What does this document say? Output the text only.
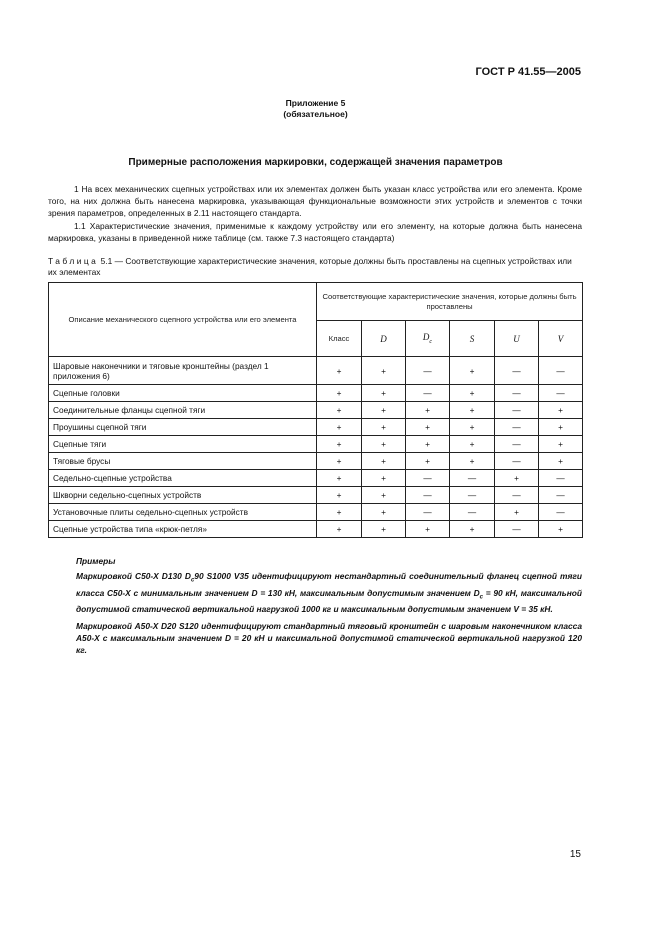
ГОСТ Р 41.55—2005
Приложение 5
(обязательное)
Примерные расположения маркировки, содержащей значения параметров
1 На всех механических сцепных устройствах или их элементах должен быть указан класс устройства или его элемента. Кроме того, на них должна быть нанесена маркировка, указывающая функциональные возможности этих устройств и элементов с точки зрения параметров, определенных в 2.11 настоящего стандарта.
1.1 Характеристические значения, применимые к каждому устройству или его элементу, на которые должна быть нанесена маркировка, указаны в приведенной ниже таблице (см. также 7.3 настоящего стандарта)
Таблица 5.1 — Соответствующие характеристические значения, которые должны быть проставлены на сцепных устройствах или их элементах
Описание механического сцепного устройства или его элемента	Соответствующие характеристические значения, которые должны быть проставлены					
	Класс	D	$D_c$	S	U	V
Шаровые наконечники и тяговые кронштейны (раздел 1 приложения 6)	+	+	—	+	—	—
Сцепные головки	+	+	—	+	—	—
Соединительные фланцы сцепной тяги	+	+	+	+	—	+
Проушины сцепной тяги	+	+	+	+	—	+
Сцепные тяги	+	+	+	+	—	+
Тяговые брусы	+	+	+	+	—	+
Седельно-сцепные устройства	+	+	—	—	+	—
Шкворни седельно-сцепных устройств	+	+	—	—	—	—
Установочные плиты седельно-сцепных устройств	+	+	—	—	+	—
Сцепные устройства типа «крюк-петля»	+	+	+	+	—	+
Примеры
Маркировкой C50-X D130 $D_c90$ S1000 V35 идентифицируют нестандартный соединительный фланец сцепной тяги класса C50-X с минимальным значением D = 130 кН, максимальным допустимым значением $D_c = 90$ кН, максимальной допустимой статической вертикальной нагрузкой 1000 кг и максимальным допустимым значением V = 35 кН.
Маркировкой A50-X D20 S120 идентифицируют стандартный тяговый кронштейн с шаровым наконечником класса A50-X с максимальным значением D = 20 кН и максимальной допустимой статической вертикальной нагрузкой 120 кг.
15
